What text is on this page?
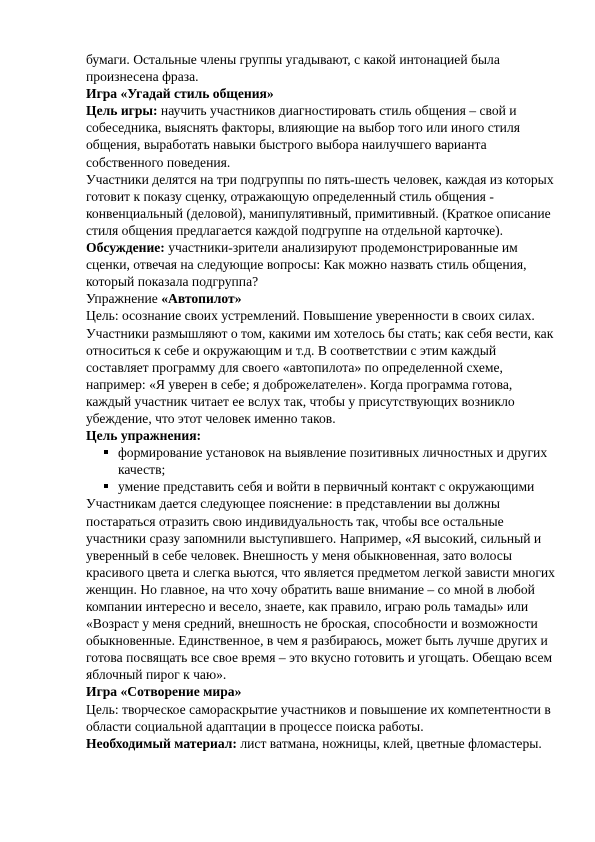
бумаги. Остальные члены группы угадывают, с какой интонацией была произнесена фраза.

Игра «Угадай стиль общения»

Цель игры: научить участников диагностировать стиль общения – свой и собеседника, выяснять факторы, влияющие на выбор того или иного стиля общения, выработать навыки быстрого выбора наилучшего варианта собственного поведения.

Участники делятся на три подгруппы по пять-шесть человек, каждая из которых готовит к показу сценку, отражающую определенный стиль общения - конвенциальный (деловой), манипулятивный, примитивный. (Краткое описание стиля общения предлагается каждой подгруппе на отдельной карточке).

Обсуждение: участники-зрители анализируют продемонстрированные им сценки, отвечая на следующие вопросы: Как можно назвать стиль общения, который показала подгруппа?

Упражнение «Автопилот»

Цель: осознание своих устремлений. Повышение уверенности в своих силах.

Участники размышляют о том, какими им хотелось бы стать; как себя вести, как относиться к себе и окружающим и т.д. В соответствии с этим каждый составляет программу для своего «автопилота» по определенной схеме, например: «Я уверен в себе; я доброжелателен». Когда программа готова, каждый участник читает ее вслух так, чтобы у присутствующих возникло убеждение, что этот человек именно таков.

Цель упражнения:

формирование установок на выявление позитивных личностных и других качеств;
умение представить себя и войти в первичный контакт с окружающими

Участникам дается следующее пояснение: в представлении вы должны постараться отразить свою индивидуальность так, чтобы все остальные участники сразу запомнили выступившего. Например, «Я высокий, сильный и уверенный в себе человек. Внешность у меня обыкновенная, зато волосы красивого цвета и слегка вьются, что является предметом легкой зависти многих женщин. Но главное, на что хочу обратить ваше внимание – со мной в любой компании интересно и весело, знаете, как правило, играю роль тамады» или «Возраст у меня средний, внешность не броская, способности и возможности обыкновенные. Единственное, в чем я разбираюсь, может быть лучше других и готова посвящать все свое время – это вкусно готовить и угощать. Обещаю всем яблочный пирог к чаю».

Игра «Сотворение мира»

Цель: творческое самораскрытие участников и повышение их компетентности в области социальной адаптации в процессе поиска работы.

Необходимый материал: лист ватмана, ножницы, клей, цветные фломастеры.
